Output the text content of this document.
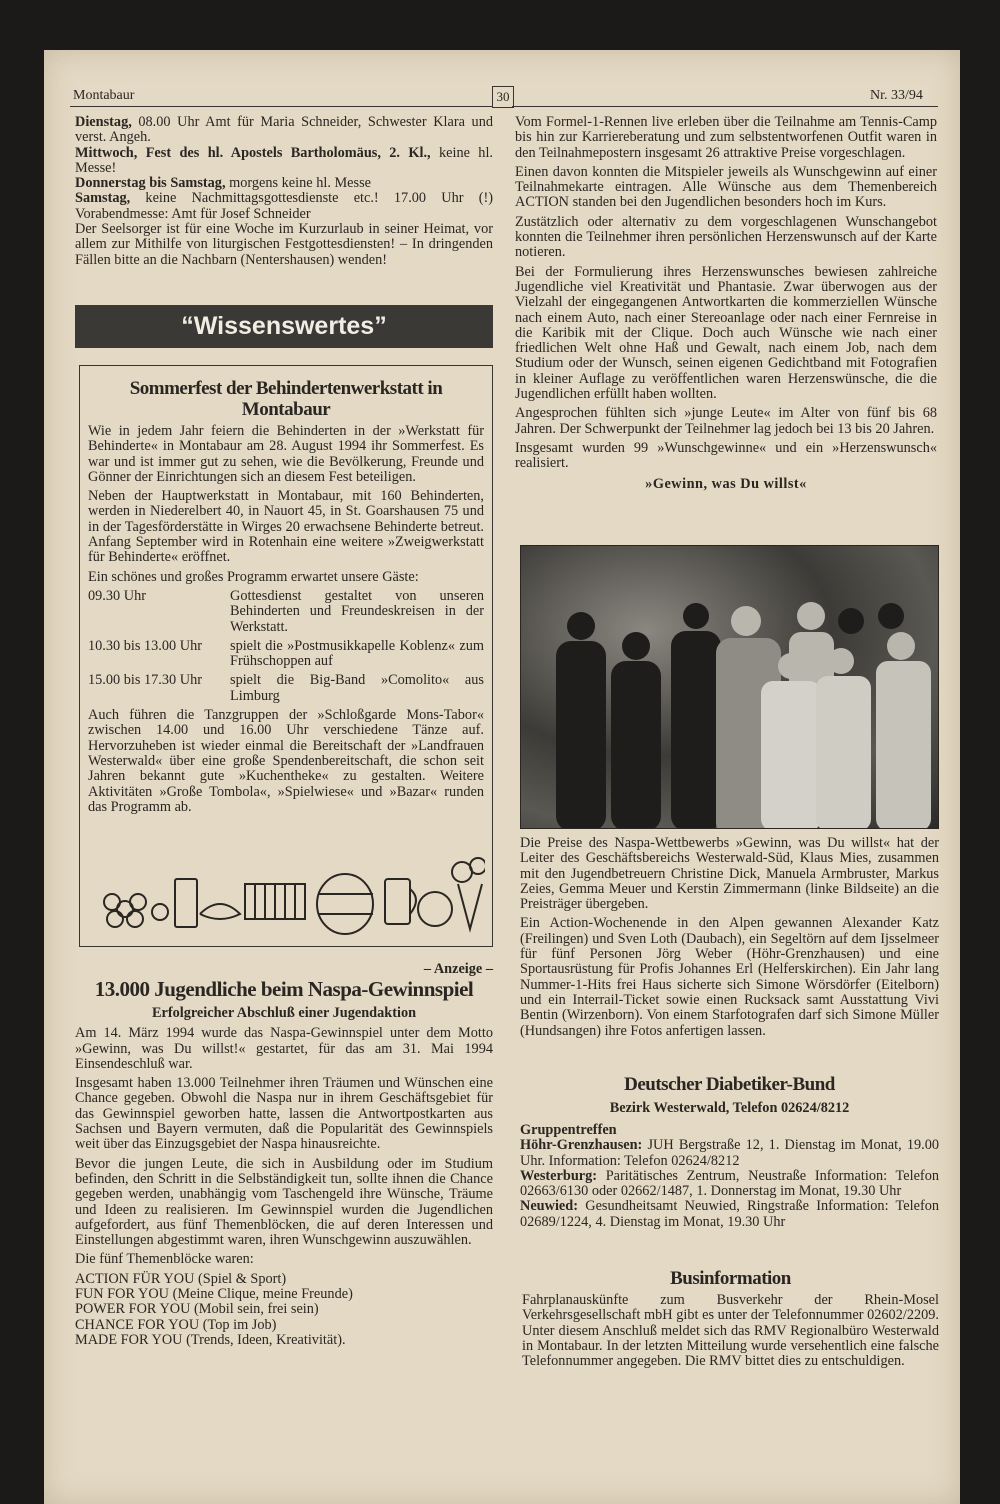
Montabaur	30	Nr. 33/94
Dienstag, 08.00 Uhr Amt für Maria Schneider, Schwester Klara und verst. Angeh.
Mittwoch, Fest des hl. Apostels Bartholomäus, 2. Kl., keine hl. Messe!
Donnerstag bis Samstag, morgens keine hl. Messe
Samstag, keine Nachmittagsgottesdienste etc.! 17.00 Uhr (!) Vorabendmesse: Amt für Josef Schneider
Der Seelsorger ist für eine Woche im Kurzurlaub in seiner Heimat, vor allem zur Mithilfe von liturgischen Festgottesdiensten! – In dringenden Fällen bitte an die Nachbarn (Nentershausen) wenden!
“Wissenswertes”
Sommerfest der Behindertenwerkstatt in Montabaur

Wie in jedem Jahr feiern die Behinderten in der »Werkstatt für Behinderte« in Montabaur am 28. August 1994 ihr Sommerfest. Es war und ist immer gut zu sehen, wie die Bevölkerung, Freunde und Gönner der Einrichtungen sich an diesem Fest beteiligen.

Neben der Hauptwerkstatt in Montabaur, mit 160 Behinderten, werden in Niederelbert 40, in Nauort 45, in St. Goarshausen 75 und in der Tagesförderstätte in Wirges 20 erwachsene Behinderte betreut. Anfang September wird in Rotenhain eine weitere »Zweigwerkstatt für Behinderte« eröffnet.

Ein schönes und großes Programm erwartet unsere Gäste:

09.30 Uhr	Gottesdienst gestaltet von unseren Behinderten und Freundeskreisen in der Werkstatt.
10.30 bis 13.00 Uhr	spielt die »Postmusikkapelle Koblenz« zum Frühschoppen auf
15.00 bis 17.30 Uhr	spielt die Big-Band »Comolito« aus Limburg

Auch führen die Tanzgruppen der »Schloßgarde Mons-Tabor« zwischen 14.00 und 16.00 Uhr verschiedene Tänze auf. Hervorzuheben ist wieder einmal die Bereitschaft der »Landfrauen Westerwald« über eine große Spendenbereitschaft, die schon seit Jahren bekannt gute »Kuchentheke« zu gestalten. Weitere Aktivitäten »Große Tombola«, »Spielwiese« und »Bazar« runden das Programm ab.

– Anzeige –
13.000 Jugendliche beim Naspa-Gewinnspiel
Erfolgreicher Abschluß einer Jugendaktion

Am 14. März 1994 wurde das Naspa-Gewinnspiel unter dem Motto »Gewinn, was Du willst!« gestartet, für das am 31. Mai 1994 Einsendeschluß war.

Insgesamt haben 13.000 Teilnehmer ihren Träumen und Wünschen eine Chance gegeben. Obwohl die Naspa nur in ihrem Geschäftsgebiet für das Gewinnspiel geworben hatte, lassen die Antwortpostkarten aus Sachsen und Bayern vermuten, daß die Popularität des Gewinnspiels weit über das Einzugsgebiet der Naspa hinausreichte.

Bevor die jungen Leute, die sich in Ausbildung oder im Studium befinden, den Schritt in die Selbständigkeit tun, sollte ihnen die Chance gegeben werden, unabhängig vom Taschengeld ihre Wünsche, Träume und Ideen zu realisieren. Im Gewinnspiel wurden die Jugendlichen aufgefordert, aus fünf Themenblöcken, die auf deren Interessen und Einstellungen abgestimmt waren, ihren Wunschgewinn auszuwählen.

Die fünf Themenblöcke waren:

ACTION FÜR YOU (Spiel & Sport)
FUN FOR YOU (Meine Clique, meine Freunde)
POWER FOR YOU (Mobil sein, frei sein)
CHANCE FOR YOU (Top im Job)
MADE FOR YOU (Trends, Ideen, Kreativität).

Vom Formel-1-Rennen live erleben über die Teilnahme am Tennis-Camp bis hin zur Karriereberatung und zum selbstentworfenen Outfit waren in den Teilnahmepostern insgesamt 26 attraktive Preise vorgeschlagen.

Einen davon konnten die Mitspieler jeweils als Wunschgewinn auf einer Teilnahmekarte eintragen. Alle Wünsche aus dem Themenbereich ACTION standen bei den Jugendlichen besonders hoch im Kurs.

Zustätzlich oder alternativ zu dem vorgeschlagenen Wunschangebot konnten die Teilnehmer ihren persönlichen Herzenswunsch auf der Karte notieren.

Bei der Formulierung ihres Herzenswunsches bewiesen zahlreiche Jugendliche viel Kreativität und Phantasie. Zwar überwogen aus der Vielzahl der eingegangenen Antwortkarten die kommerziellen Wünsche nach einem Auto, nach einer Stereoanlage oder nach einer Fernreise in die Karibik mit der Clique. Doch auch Wünsche wie nach einer friedlichen Welt ohne Haß und Gewalt, nach einem Job, nach dem Studium oder der Wunsch, seinen eigenen Gedichtband mit Fotografien in kleiner Auflage zu veröffentlichen waren Herzenswünsche, die die Jugendlichen erfüllt haben wollten.

Angesprochen fühlten sich »junge Leute« im Alter von fünf bis 68 Jahren. Der Schwerpunkt der Teilnehmer lag jedoch bei 13 bis 20 Jahren.

Insgesamt wurden 99 »Wunschgewinne« und ein »Herzenswunsch« realisiert.

»Gewinn, was Du willst«

Die Preise des Naspa-Wettbewerbs »Gewinn, was Du willst« hat der Leiter des Geschäftsbereichs Westerwald-Süd, Klaus Mies, zusammen mit den Jugendbetreuern Christine Dick, Manuela Armbruster, Markus Zeies, Gemma Meuer und Kerstin Zimmermann (linke Bildseite) an die Preisträger übergeben.

Ein Action-Wochenende in den Alpen gewannen Alexander Katz (Freilingen) und Sven Loth (Daubach), ein Segeltörn auf dem Ijsselmeer für fünf Personen Jörg Weber (Höhr-Grenzhausen) und eine Sportausrüstung für Profis Johannes Erl (Helferskirchen). Ein Jahr lang Nummer-1-Hits frei Haus sicherte sich Simone Wörsdörfer (Eitelborn) und ein Interrail-Ticket sowie einen Rucksack samt Ausstattung Vivi Bentin (Wirzenborn). Von einem Starfotografen darf sich Simone Müller (Hundsangen) ihre Fotos anfertigen lassen.

Deutscher Diabetiker-Bund
Bezirk Westerwald, Telefon 02624/8212
Gruppentreffen
Höhr-Grenzhausen: JUH Bergstraße 12, 1. Dienstag im Monat, 19.00 Uhr. Information: Telefon 02624/8212
Westerburg: Paritätisches Zentrum, Neustraße Information: Telefon 02663/6130 oder 02662/1487, 1. Donnerstag im Monat, 19.30 Uhr
Neuwied: Gesundheitsamt Neuwied, Ringstraße Information: Telefon 02689/1224, 4. Dienstag im Monat, 19.30 Uhr
Businformation

Fahrplanauskünfte zum Busverkehr der Rhein-Mosel Verkehrsgesellschaft mbH gibt es unter der Telefonnummer 02602/2209. Unter diesem Anschluß meldet sich das RMV Regionalbüro Westerwald in Montabaur. In der letzten Mitteilung wurde versehentlich eine falsche Telefonnummer angegeben. Die RMV bittet dies zu entschuldigen.
